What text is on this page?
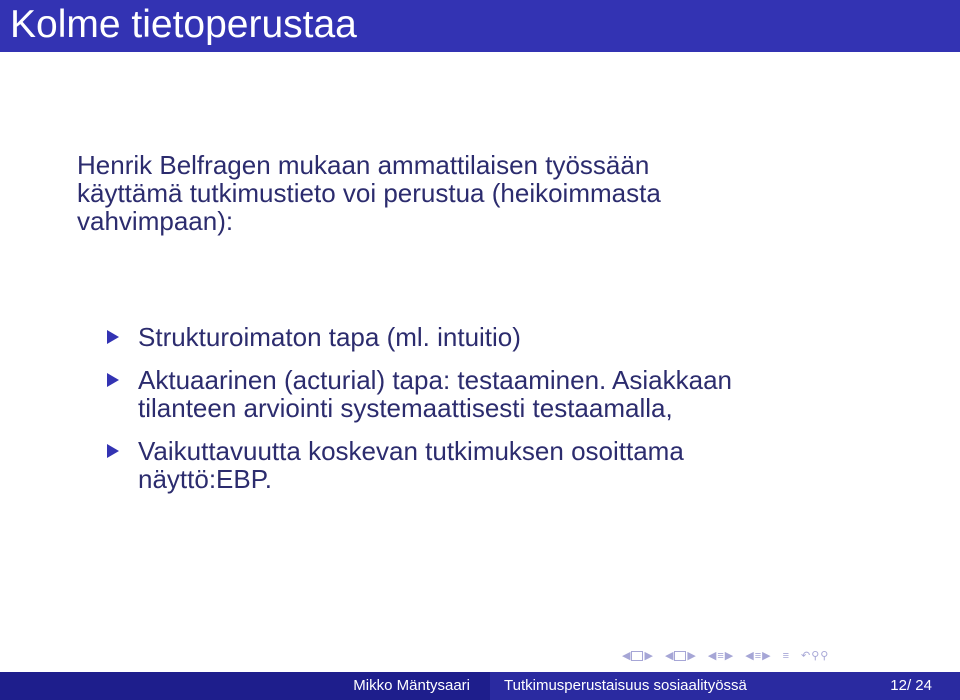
Kolme tietoperustaa
Henrik Belfragen mukaan ammattilaisen työssään
käyttämä tutkimustieto voi perustua (heikoimmasta
vahvimpaan):
Strukturoimaton tapa (ml. intuitio)
Aktuaarinen (acturial) tapa: testaaminen. Asiakkaan
tilanteen arviointi systemaattisesti testaamalla,
Vaikuttavuutta koskevan tutkimuksen osoittama
näyttö:EBP.
◀ ▶ ◀ ▶ ◀ ≡ ▶ ◀ ≡ ▶ ≡ ↶ ⚲ ⚲
Mikko Mäntysaari	Tutkimusperustaisuus sosiaalityössä	12/ 24
